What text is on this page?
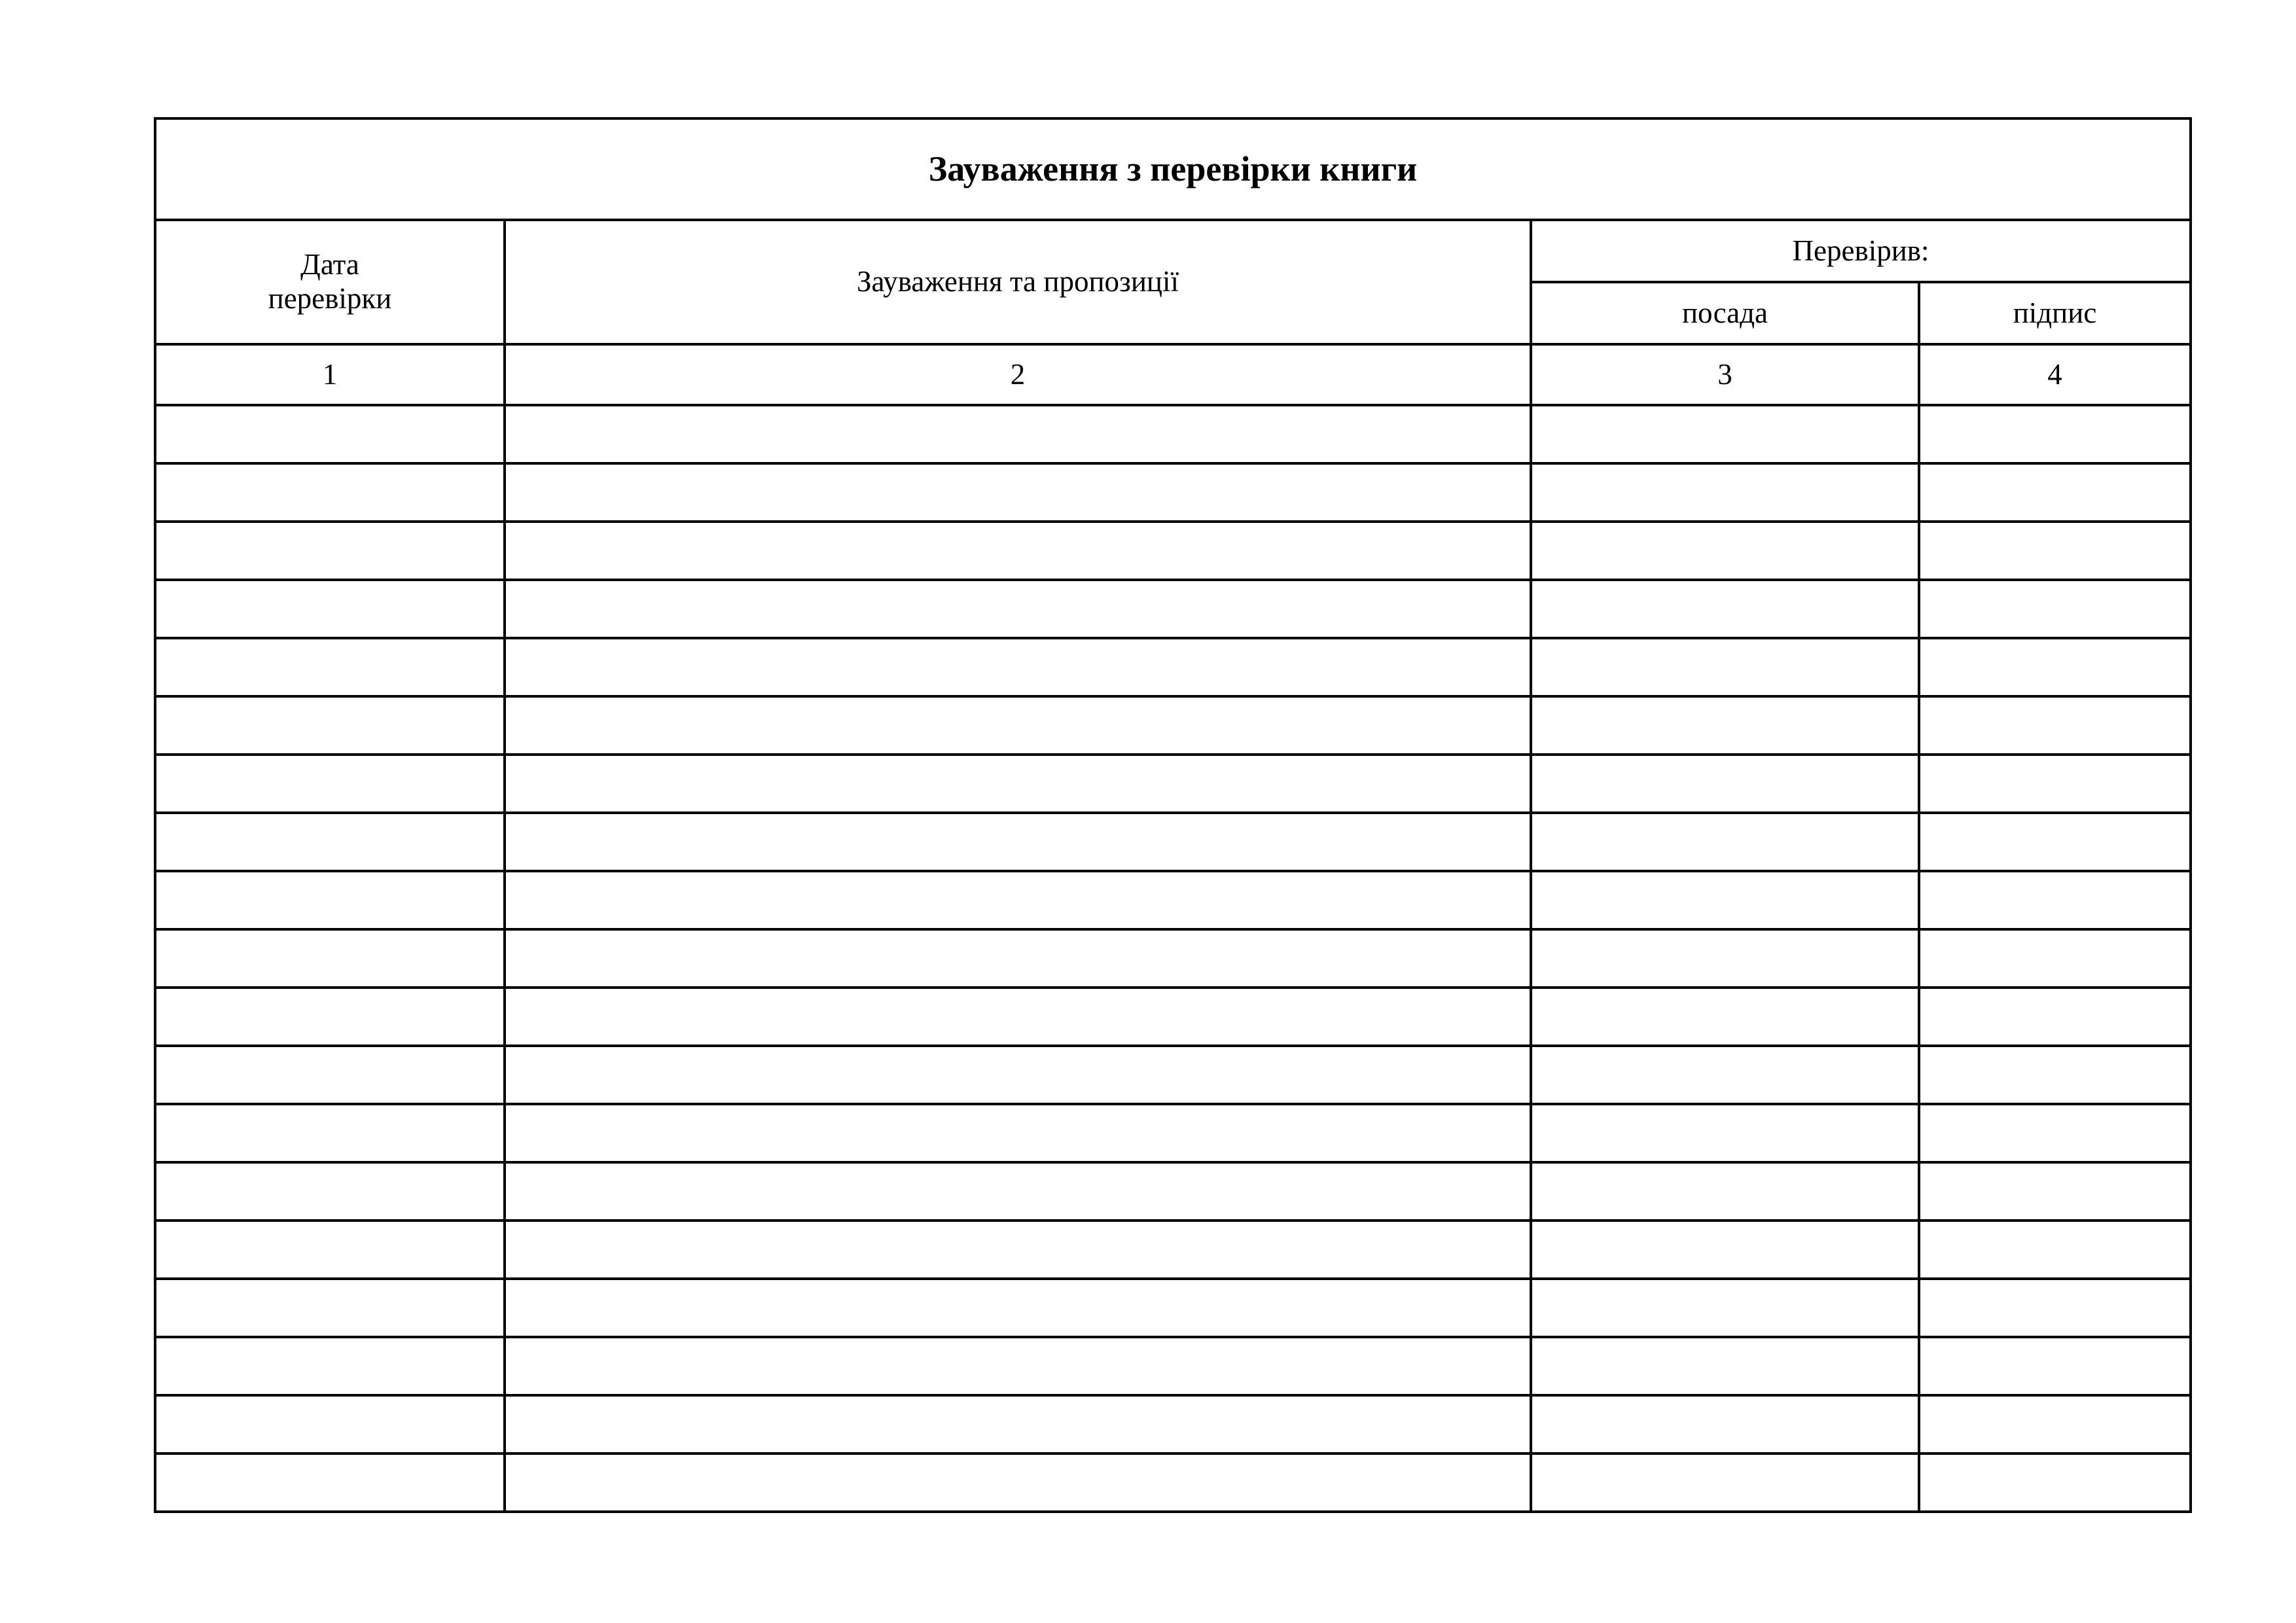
Зауваження з перевірки книги			

Дата
перевірки	Зауваження та пропозиції	Перевірив:	
		посада	підпис
1	2	3	4
